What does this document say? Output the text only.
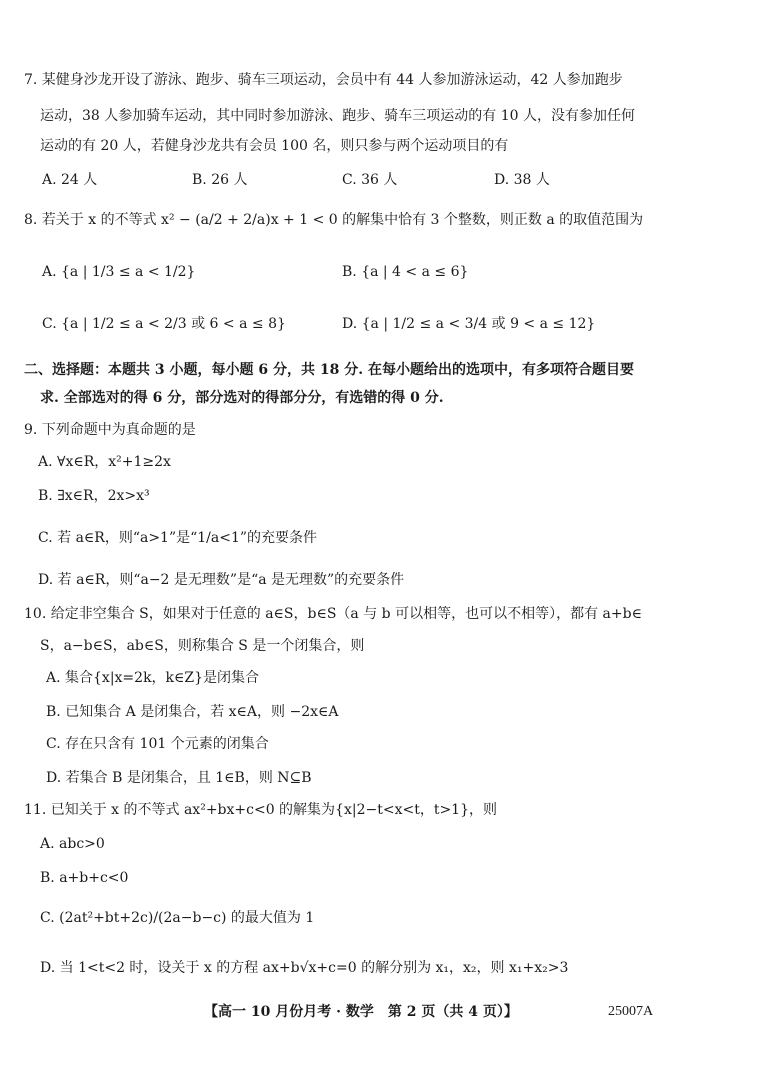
7. 某健身沙龙开设了游泳、跑步、骑车三项运动，会员中有 44 人参加游泳运动，42 人参加跑步
运动，38 人参加骑车运动，其中同时参加游泳、跑步、骑车三项运动的有 10 人，没有参加任何
运动的有 20 人，若健身沙龙共有会员 100 名，则只参与两个运动项目的有
A. 24 人	B. 26 人	C. 36 人	D. 38 人
8. 若关于 x 的不等式 x² − (a/2 + 2/a)x + 1 < 0 的解集中恰有 3 个整数，则正数 a 的取值范围为
A. {a | 1/3 ≤ a < 1/2}	B. {a | 4 < a ≤ 6}
C. {a | 1/2 ≤ a < 2/3 或 6 < a ≤ 8}	D. {a | 1/2 ≤ a < 3/4 或 9 < a ≤ 12}
二、选择题：本题共 3 小题，每小题 6 分，共 18 分. 在每小题给出的选项中，有多项符合题目要
求. 全部选对的得 6 分，部分选对的得部分分，有选错的得 0 分.
9. 下列命题中为真命题的是
A. ∀x∈R，x²+1≥2x
B. ∃x∈R，2x>x³
C. 若 a∈R，则“a>1”是“1/a<1”的充要条件
D. 若 a∈R，则“a−2 是无理数”是“a 是无理数”的充要条件
10. 给定非空集合 S，如果对于任意的 a∈S，b∈S（a 与 b 可以相等，也可以不相等），都有 a+b∈
S，a−b∈S，ab∈S，则称集合 S 是一个闭集合，则
A. 集合{x|x=2k，k∈Z}是闭集合
B. 已知集合 A 是闭集合，若 x∈A，则 −2x∈A
C. 存在只含有 101 个元素的闭集合
D. 若集合 B 是闭集合，且 1∈B，则 N⊆B
11. 已知关于 x 的不等式 ax²+bx+c<0 的解集为{x|2−t<x<t，t>1}，则
A. abc>0
B. a+b+c<0
C. (2at²+bt+2c)/(2a−b−c) 的最大值为 1
D. 当 1<t<2 时，设关于 x 的方程 ax+b√x+c=0 的解分别为 x₁，x₂，则 x₁+x₂>3
【高一 10 月份月考 · 数学　第 2 页（共 4 页）】	25007A
